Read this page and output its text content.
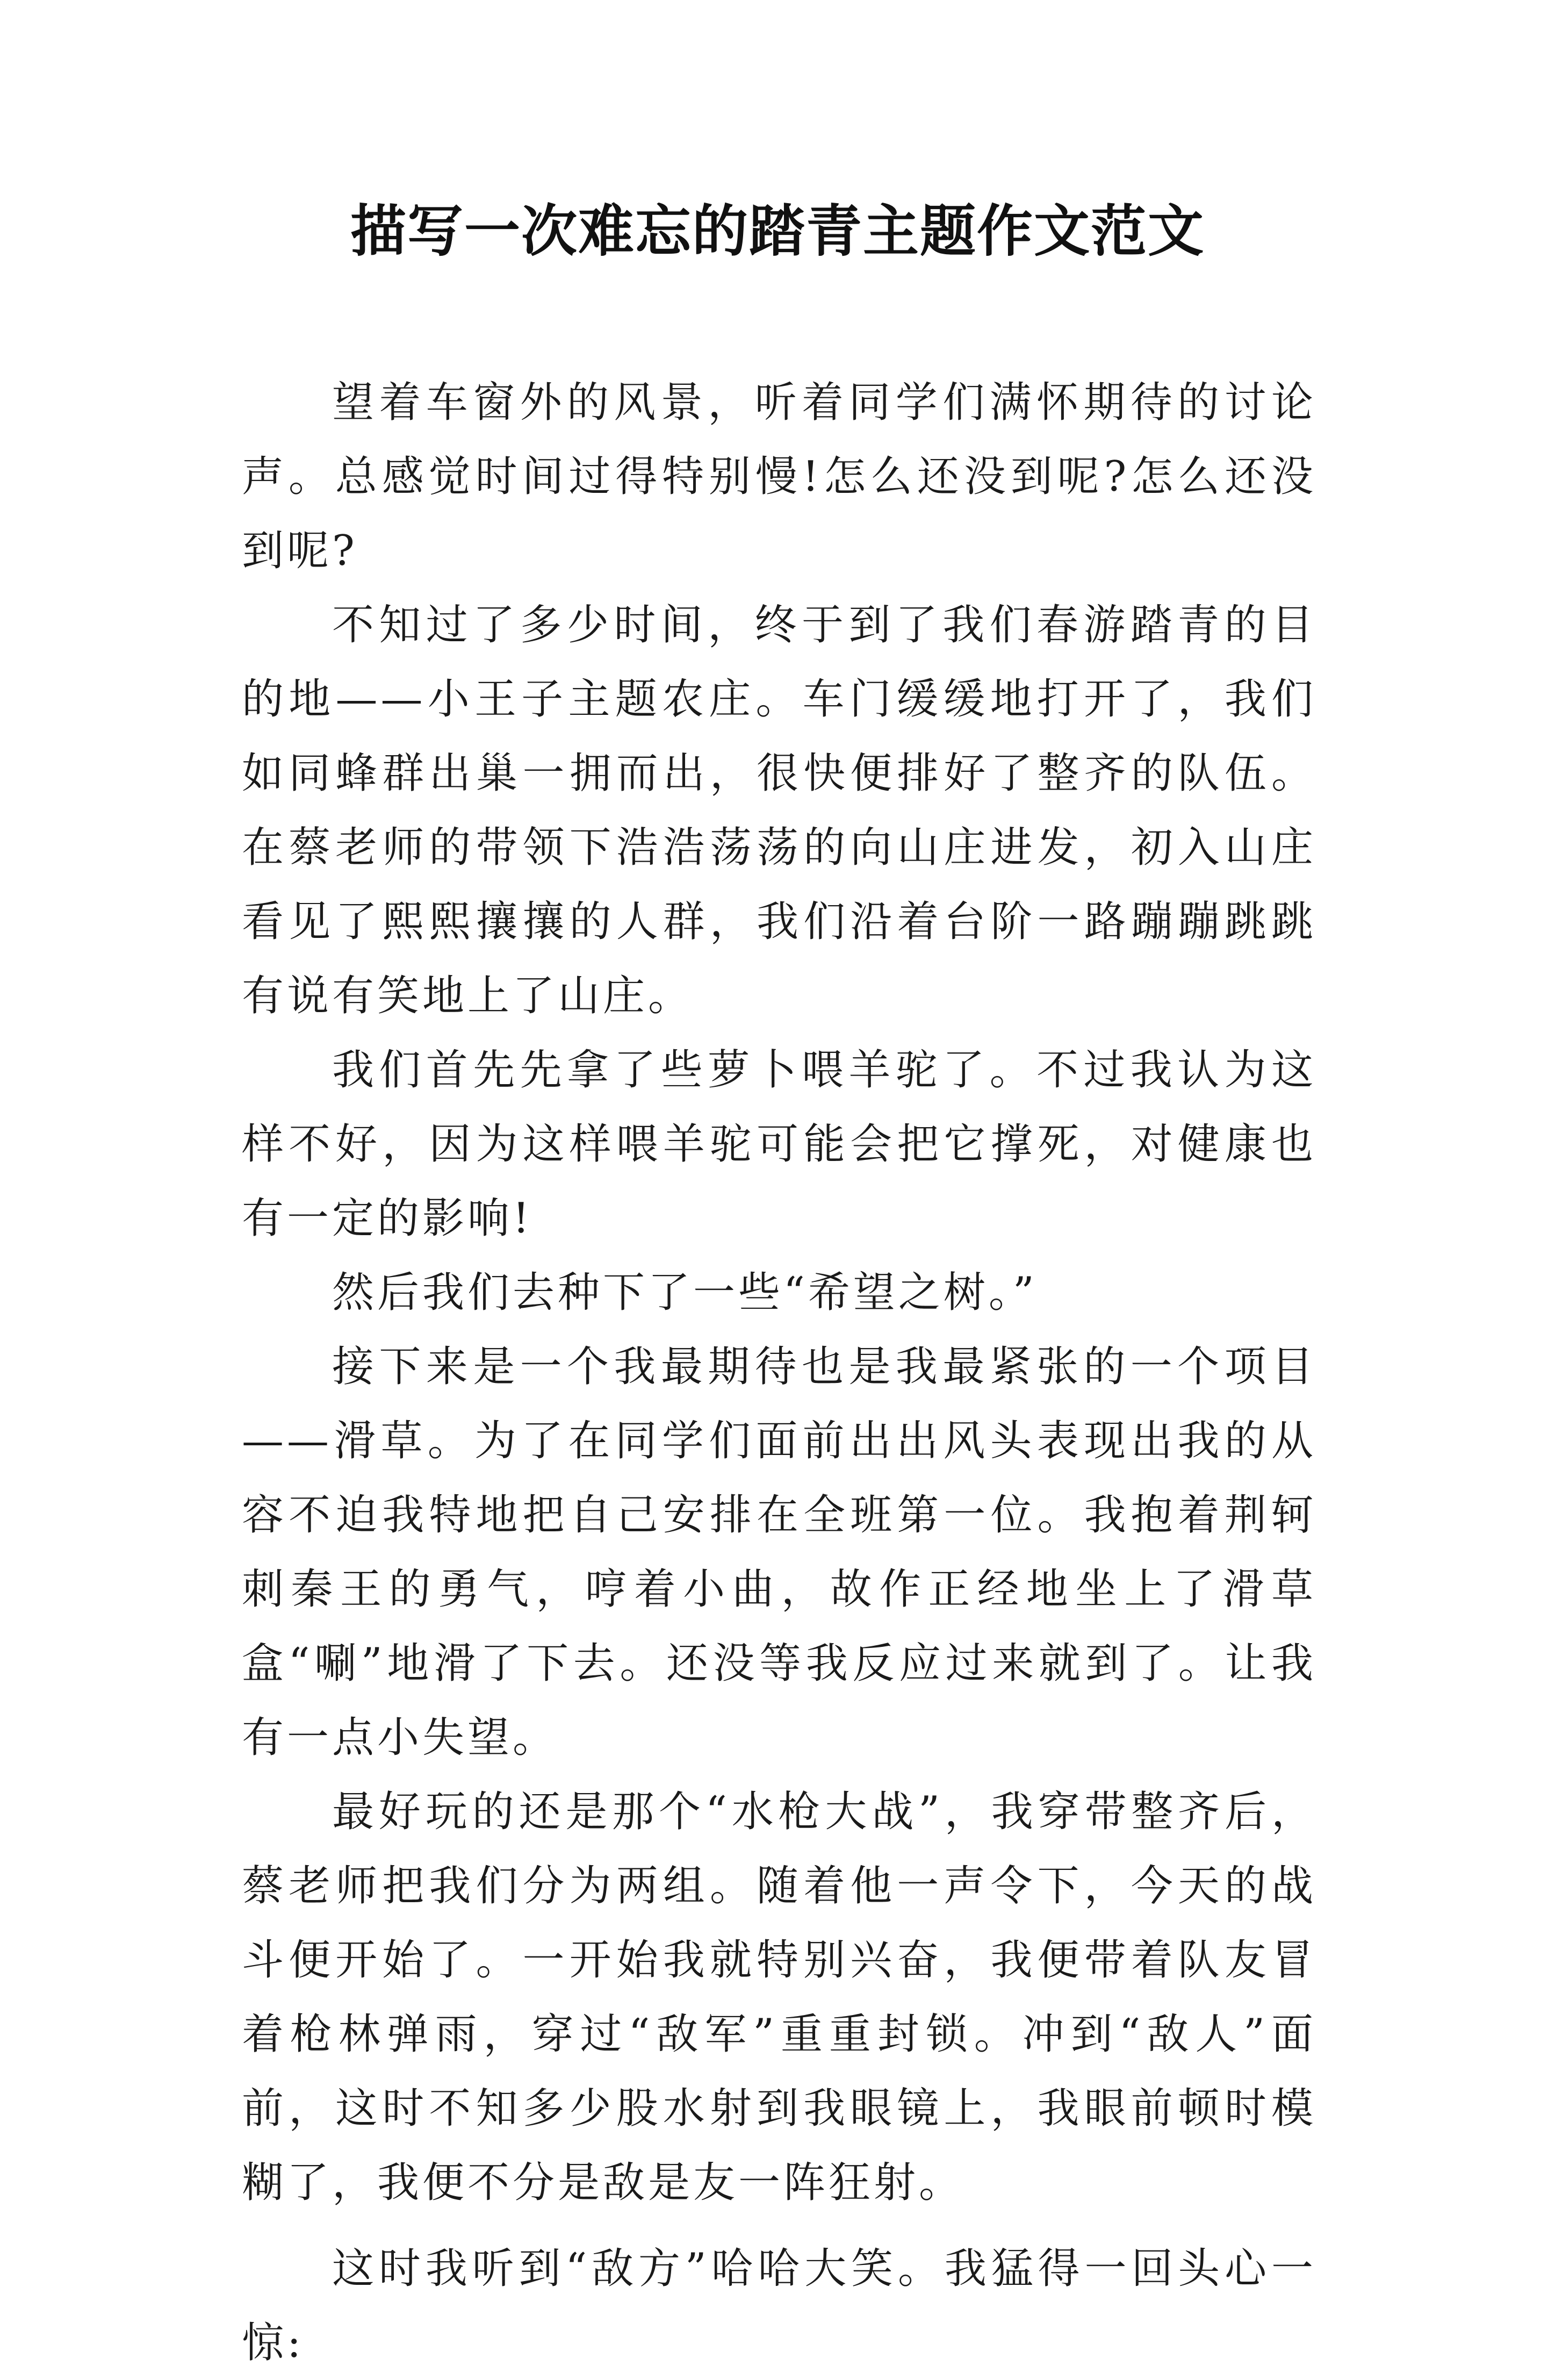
描写一次难忘的踏青主题作文范文

望着车窗外的风景，听着同学们满怀期待的讨论声。总感觉时间过得特别慢!怎么还没到呢?怎么还没到呢?

不知过了多少时间，终于到了我们春游踏青的目的地——小王子主题农庄。车门缓缓地打开了，我们如同蜂群出巢一拥而出，很快便排好了整齐的队伍。在蔡老师的带领下浩浩荡荡的向山庄进发，初入山庄看见了熙熙攘攘的人群，我们沿着台阶一路蹦蹦跳跳有说有笑地上了山庄。

我们首先先拿了些萝卜喂羊驼了。不过我认为这样不好，因为这样喂羊驼可能会把它撑死，对健康也有一定的影响!

然后我们去种下了一些“希望之树。”

接下来是一个我最期待也是我最紧张的一个项目——滑草。为了在同学们面前出出风头表现出我的从容不迫我特地把自己安排在全班第一位。我抱着荆轲刺秦王的勇气，哼着小曲，故作正经地坐上了滑草盒“唰”地滑了下去。还没等我反应过来就到了。让我有一点小失望。

最好玩的还是那个“水枪大战”，我穿带整齐后，蔡老师把我们分为两组。随着他一声令下，今天的战斗便开始了。一开始我就特别兴奋，我便带着队友冒着枪林弹雨，穿过“敌军”重重封锁。冲到“敌人”面前，这时不知多少股水射到我眼镜上，我眼前顿时模糊了，我便不分是敌是友一阵狂射。

这时我听到“敌方”哈哈大笑。我猛得一回头心一惊:
